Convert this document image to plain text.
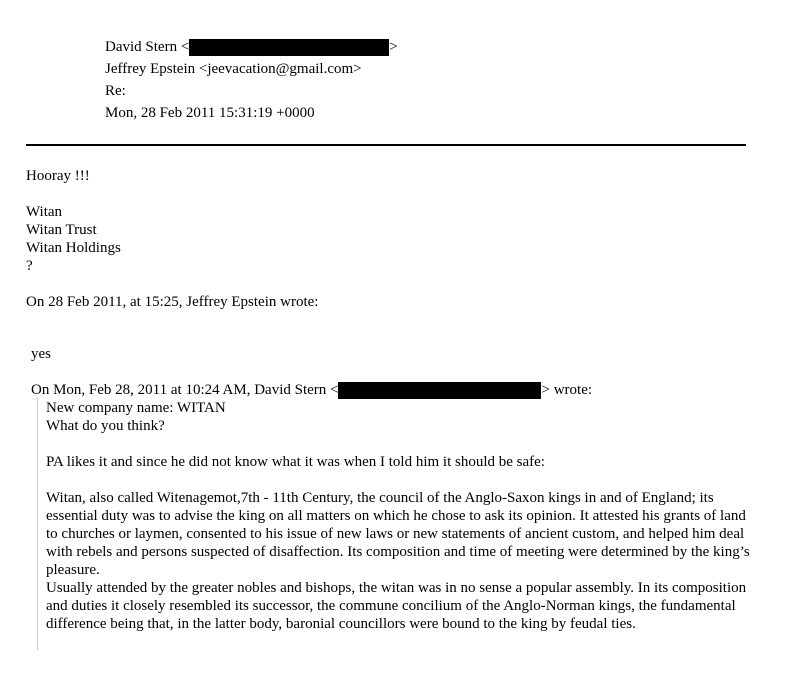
David Stern <	>
Jeffrey Epstein <jeevacation@gmail.com>
Re:
Mon, 28 Feb 2011 15:31:19 +0000
Hooray !!!
Witan
Witan Trust
Witan Holdings
?
On 28 Feb 2011, at 15:25, Jeffrey Epstein wrote:
yes
On Mon, Feb 28, 2011 at 10:24 AM, David Stern <	> wrote:
New company name: WITAN
What do you think?
PA likes it and since he did not know what it was when I told him it should be safe:
Witan, also called Witenagemot,7th - 11th Century, the council of the Anglo-Saxon kings in and of England; its essential duty was to advise the king on all matters on which he chose to ask its opinion. It attested his grants of land to churches or laymen, consented to his issue of new laws or new statements of ancient custom, and helped him deal with rebels and persons suspected of disaffection. Its composition and time of meeting were determined by the king’s pleasure.
Usually attended by the greater nobles and bishops, the witan was in no sense a popular assembly. In its composition and duties it closely resembled its successor, the commune concilium of the Anglo-Norman kings, the fundamental difference being that, in the latter body, baronial councillors were bound to the king by feudal ties.
